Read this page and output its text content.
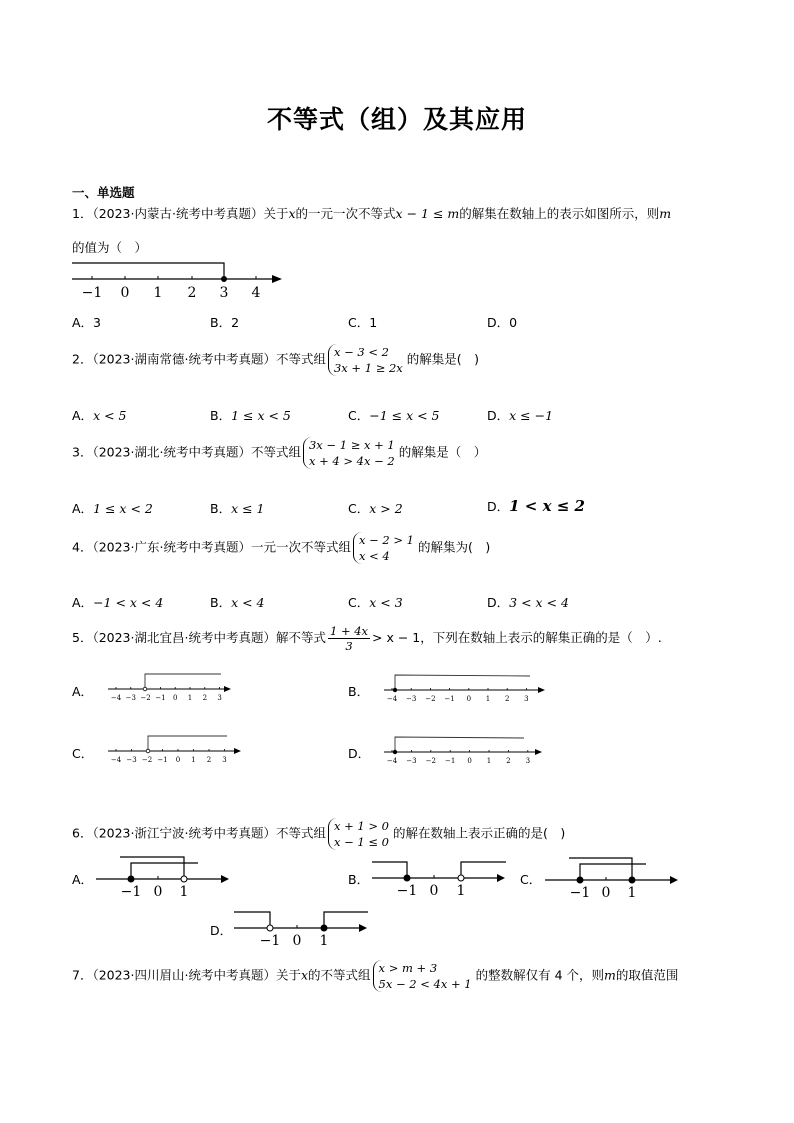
不等式（组）及其应用
一、单选题
1．（2023·内蒙古·统考中考真题）关于x的一元一次不等式x − 1 ≤ m的解集在数轴上的表示如图所示，则m
的值为（　）
−1 0 1 2 3 4
A．3	B．2	C．1	D．0
2．（2023·湖南常德·统考中考真题）不等式组 x − 3 < 2
3x + 1 ≥ 2x
的解集是(　)
A．x < 5	B．1 ≤ x < 5	C．−1 ≤ x < 5	D．x ≤ −1
3．（2023·湖北·统考中考真题）不等式组 3x − 1 ≥ x + 1
x + 4 > 4x − 2
的解集是（　）
A．1 ≤ x < 2	B．x ≤ 1	C．x > 2	D．1 < x ≤ 2
4．（2023·广东·统考中考真题）一元一次不等式组 x − 2 > 1
x < 4
的解集为(　)
A．−1 < x < 4	B．x < 4	C．x < 3	D．3 < x < 4
5．（2023·湖北宜昌·统考中考真题）解不等式 $\frac{1 + 4x}{3} > x - 1$，下列在数轴上表示的解集正确的是（　）.
A．	B．
C．	D．
−4 −3 −2 −1 0 1 2 3	−4 −3 −2 −1 0 1 2 3
−4 −3 −2 −1 0 1 2 3	−4 −3 −2 −1 0 1 2 3
6．（2023·浙江宁波·统考中考真题）不等式组 x + 1 > 0
x − 1 ≤ 0
的解在数轴上表示正确的是(　)
A．	B．	C．
D．
−1 0 1	−1 0 1	−1 0 1
−1 0 1
7．（2023·四川眉山·统考中考真题）关于x的不等式组 x > m + 3
5x − 2 < 4x + 1
的整数解仅有 4 个，则m的取值范围
